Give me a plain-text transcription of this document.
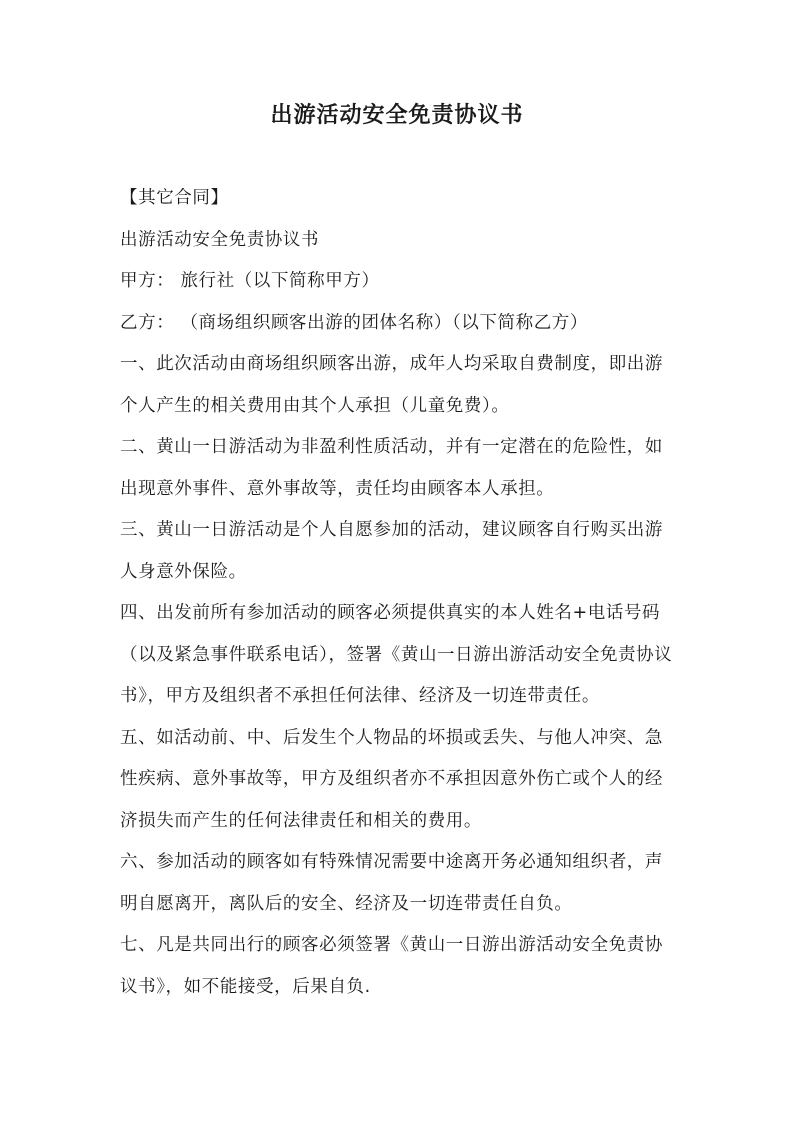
出游活动安全免责协议书

【其它合同】

出游活动安全免责协议书

甲方： 旅行社（以下简称甲方）

乙方： （商场组织顾客出游的团体名称）（以下简称乙方）

一、此次活动由商场组织顾客出游，成年人均采取自费制度，即出游个人产生的相关费用由其个人承担（儿童免费）。

二、黄山一日游活动为非盈利性质活动，并有一定潜在的危险性，如出现意外事件、意外事故等，责任均由顾客本人承担。

三、黄山一日游活动是个人自愿参加的活动，建议顾客自行购买出游人身意外保险。

四、出发前所有参加活动的顾客必须提供真实的本人姓名+电话号码（以及紧急事件联系电话），签署《黄山一日游出游活动安全免责协议书》，甲方及组织者不承担任何法律、经济及一切连带责任。

五、如活动前、中、后发生个人物品的坏损或丢失、与他人冲突、急性疾病、意外事故等，甲方及组织者亦不承担因意外伤亡或个人的经济损失而产生的任何法律责任和相关的费用。

六、参加活动的顾客如有特殊情况需要中途离开务必通知组织者，声明自愿离开，离队后的安全、经济及一切连带责任自负。

七、凡是共同出行的顾客必须签署《黄山一日游出游活动安全免责协议书》，如不能接受，后果自负.
